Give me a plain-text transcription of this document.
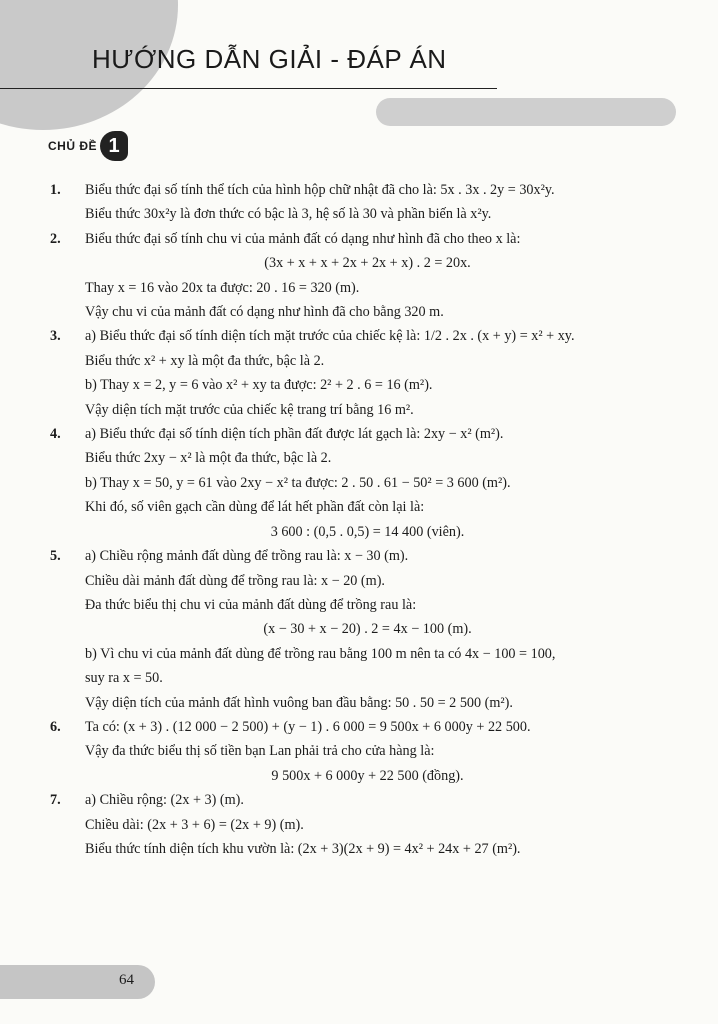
HƯỚNG DẪN GIẢI - ĐÁP ÁN
CHỦ ĐỀ 1
1. Biểu thức đại số tính thể tích của hình hộp chữ nhật đã cho là: 5x . 3x . 2y = 30x²y.
Biểu thức 30x²y là đơn thức có bậc là 3, hệ số là 30 và phần biến là x²y.
2. Biểu thức đại số tính chu vi của mảnh đất có dạng như hình đã cho theo x là:
(3x + x + x + 2x + 2x + x) . 2 = 20x.
Thay x = 16 vào 20x ta được: 20 . 16 = 320 (m).
Vậy chu vi của mảnh đất có dạng như hình đã cho bằng 320 m.
3. a) Biểu thức đại số tính diện tích mặt trước của chiếc kệ là: 1/2 . 2x . (x + y) = x² + xy.
Biểu thức x² + xy là một đa thức, bậc là 2.
b) Thay x = 2, y = 6 vào x² + xy ta được: 2² + 2 . 6 = 16 (m²).
Vậy diện tích mặt trước của chiếc kệ trang trí bằng 16 m².
4. a) Biểu thức đại số tính diện tích phần đất được lát gạch là: 2xy − x² (m²).
Biểu thức 2xy − x² là một đa thức, bậc là 2.
b) Thay x = 50, y = 61 vào 2xy − x² ta được: 2 . 50 . 61 − 50² = 3 600 (m²).
Khi đó, số viên gạch cần dùng để lát hết phần đất còn lại là:
3 600 : (0,5 . 0,5) = 14 400 (viên).
5. a) Chiều rộng mảnh đất dùng để trồng rau là: x − 30 (m).
Chiều dài mảnh đất dùng để trồng rau là: x − 20 (m).
Đa thức biểu thị chu vi của mảnh đất dùng để trồng rau là:
(x − 30 + x − 20) . 2 = 4x − 100 (m).
b) Vì chu vi của mảnh đất dùng để trồng rau bằng 100 m nên ta có 4x − 100 = 100,
suy ra x = 50.
Vậy diện tích của mảnh đất hình vuông ban đầu bằng: 50 . 50 = 2 500 (m²).
6. Ta có: (x + 3) . (12 000 − 2 500) + (y − 1) . 6 000 = 9 500x + 6 000y + 22 500.
Vậy đa thức biểu thị số tiền bạn Lan phải trả cho cửa hàng là:
9 500x + 6 000y + 22 500 (đồng).
7. a) Chiều rộng: (2x + 3) (m).
Chiều dài: (2x + 3 + 6) = (2x + 9) (m).
Biểu thức tính diện tích khu vườn là: (2x + 3)(2x + 9) = 4x² + 24x + 27 (m²).
64
